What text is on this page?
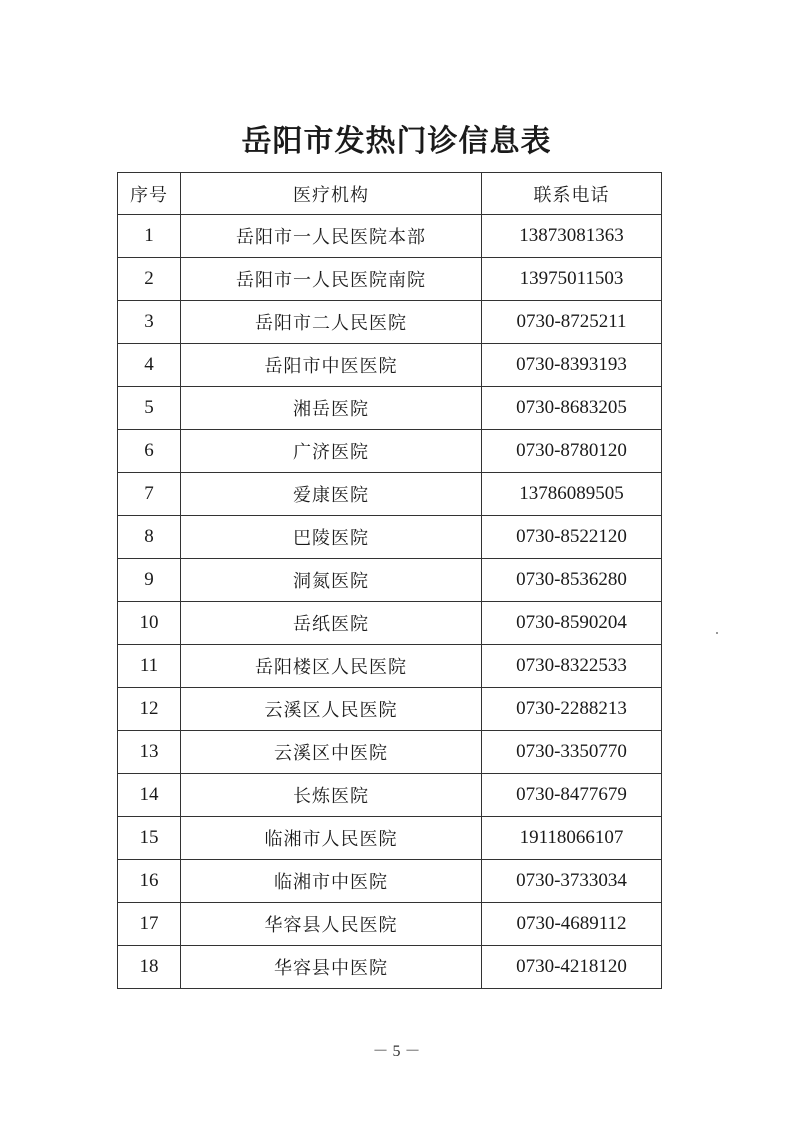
岳阳市发热门诊信息表
序号	医疗机构	联系电话
1	岳阳市一人民医院本部	13873081363
2	岳阳市一人民医院南院	13975011503
3	岳阳市二人民医院	0730-8725211
4	岳阳市中医医院	0730-8393193
5	湘岳医院	0730-8683205
6	广济医院	0730-8780120
7	爱康医院	13786089505
8	巴陵医院	0730-8522120
9	洞氮医院	0730-8536280
10	岳纸医院	0730-8590204
11	岳阳楼区人民医院	0730-8322533
12	云溪区人民医院	0730-2288213
13	云溪区中医院	0730-3350770
14	长炼医院	0730-8477679
15	临湘市人民医院	19118066107
16	临湘市中医院	0730-3733034
17	华容县人民医院	0730-4689112
18	华容县中医院	0730-4218120
－ 5 －
